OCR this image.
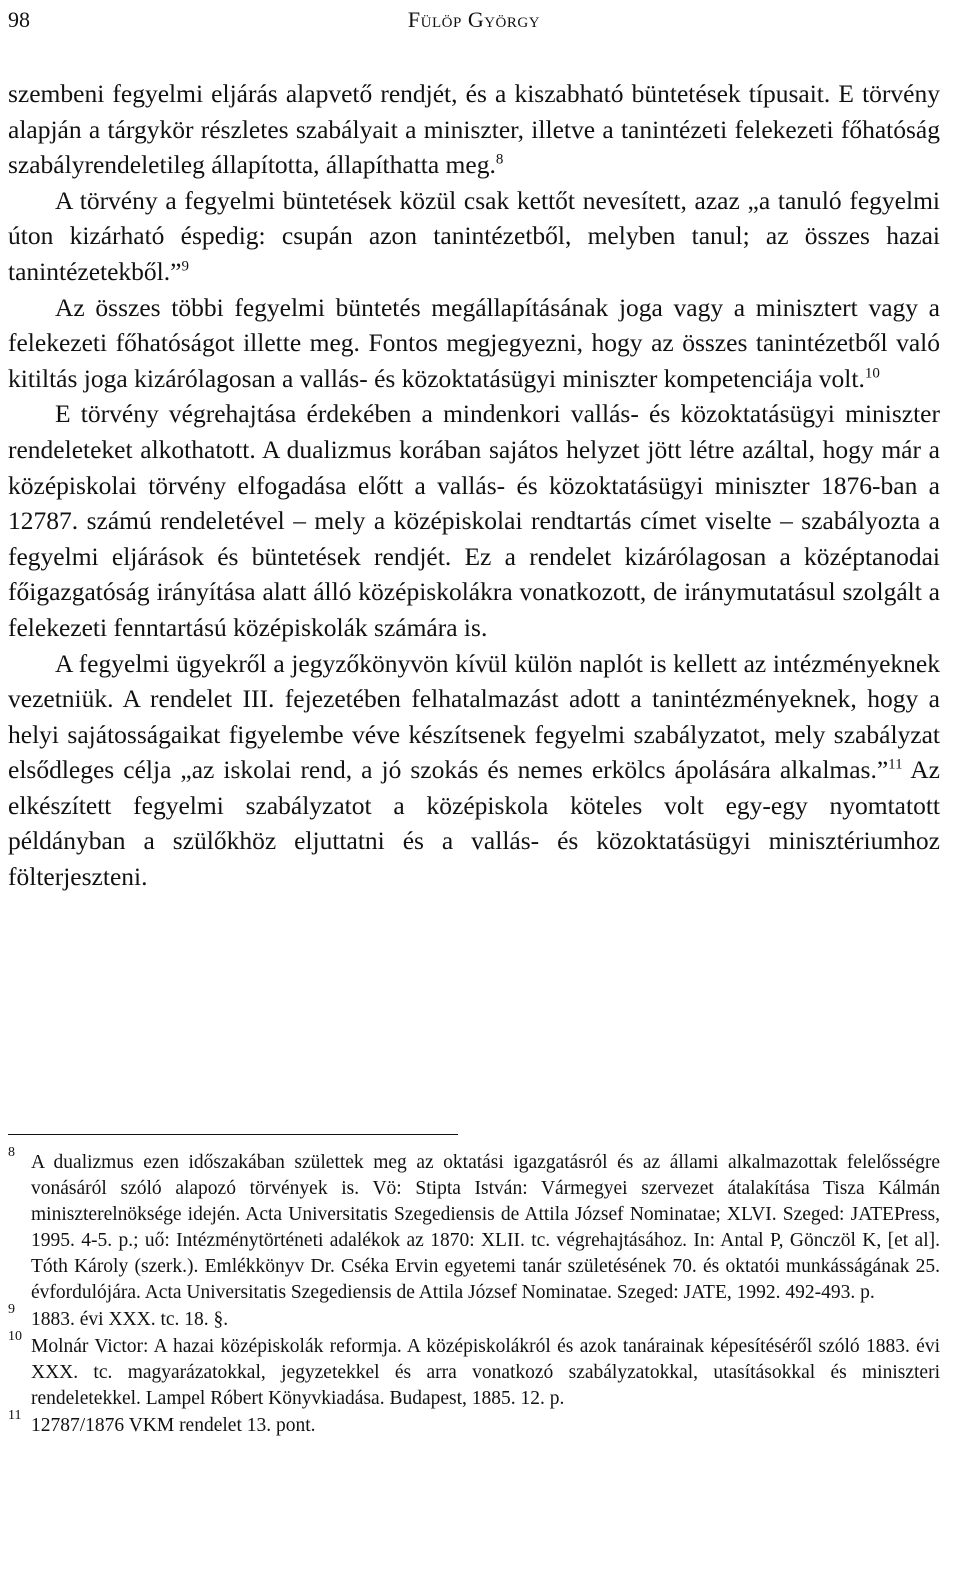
98	Fülöp György

szembeni fegyelmi eljárás alapvető rendjét, és a kiszabható büntetések típusait. E törvény alapján a tárgykör részletes szabályait a miniszter, illetve a tanintézeti felekezeti főhatóság szabályrendeletileg állapította, állapíthatta meg.$^8$

A törvény a fegyelmi büntetések közül csak kettőt nevesített, azaz „a tanuló fegyelmi úton kizárható éspedig: csupán azon tanintézetből, melyben tanul; az összes hazai tanintézetekből.”$^9$

Az összes többi fegyelmi büntetés megállapításának joga vagy a minisztert vagy a felekezeti főhatóságot illette meg. Fontos megjegyezni, hogy az összes tanintézetből való kitiltás joga kizárólagosan a vallás- és közoktatásügyi miniszter kompetenciája volt.$^{10}$

E törvény végrehajtása érdekében a mindenkori vallás- és közoktatásügyi miniszter rendeleteket alkothatott. A dualizmus korában sajátos helyzet jött létre azáltal, hogy már a középiskolai törvény elfogadása előtt a vallás- és közoktatásügyi miniszter 1876-ban a 12787. számú rendeletével – mely a középiskolai rendtartás címet viselte – szabályozta a fegyelmi eljárások és büntetések rendjét. Ez a rendelet kizárólagosan a középtanodai főigazgatóság irányítása alatt álló középiskolákra vonatkozott, de iránymutatásul szolgált a felekezeti fenntartású középiskolák számára is.

A fegyelmi ügyekről a jegyzőkönyvön kívül külön naplót is kellett az intézményeknek vezetniük. A rendelet III. fejezetében felhatalmazást adott a tanintézményeknek, hogy a helyi sajátosságaikat figyelembe véve készítsenek fegyelmi szabályzatot, mely szabályzat elsődleges célja „az iskolai rend, a jó szokás és nemes erkölcs ápolására alkalmas.”$^{11}$ Az elkészített fegyelmi szabályzatot a középiskola köteles volt egy-egy nyomtatott példányban a szülőkhöz eljuttatni és a vallás- és közoktatásügyi minisztériumhoz fölterjeszteni.

8 A dualizmus ezen időszakában születtek meg az oktatási igazgatásról és az állami alkalmazottak felelősségre vonásáról szóló alapozó törvények is. Vö: Stipta István: Vármegyei szervezet átalakítása Tisza Kálmán miniszterelnöksége idején. Acta Universitatis Szegediensis de Attila József Nominatae; XLVI. Szeged: JATEPress, 1995. 4-5. p.; uő: Intézménytörténeti adalékok az 1870: XLII. tc. végrehajtásához. In: Antal P, Gönczöl K, [et al]. Tóth Károly (szerk.). Emlékkönyv Dr. Cséka Ervin egyetemi tanár születésének 70. és oktatói munkásságának 25. évfordulójára. Acta Universitatis Szegediensis de Attila József Nominatae. Szeged: JATE, 1992. 492-493. p.
9 1883. évi XXX. tc. 18. §.
10 Molnár Victor: A hazai középiskolák reformja. A középiskolákról és azok tanárainak képesítéséről szóló 1883. évi XXX. tc. magyarázatokkal, jegyzetekkel és arra vonatkozó szabályzatokkal, utasításokkal és miniszteri rendeletekkel. Lampel Róbert Könyvkiadása. Budapest, 1885. 12. p.
11 12787/1876 VKM rendelet 13. pont.
